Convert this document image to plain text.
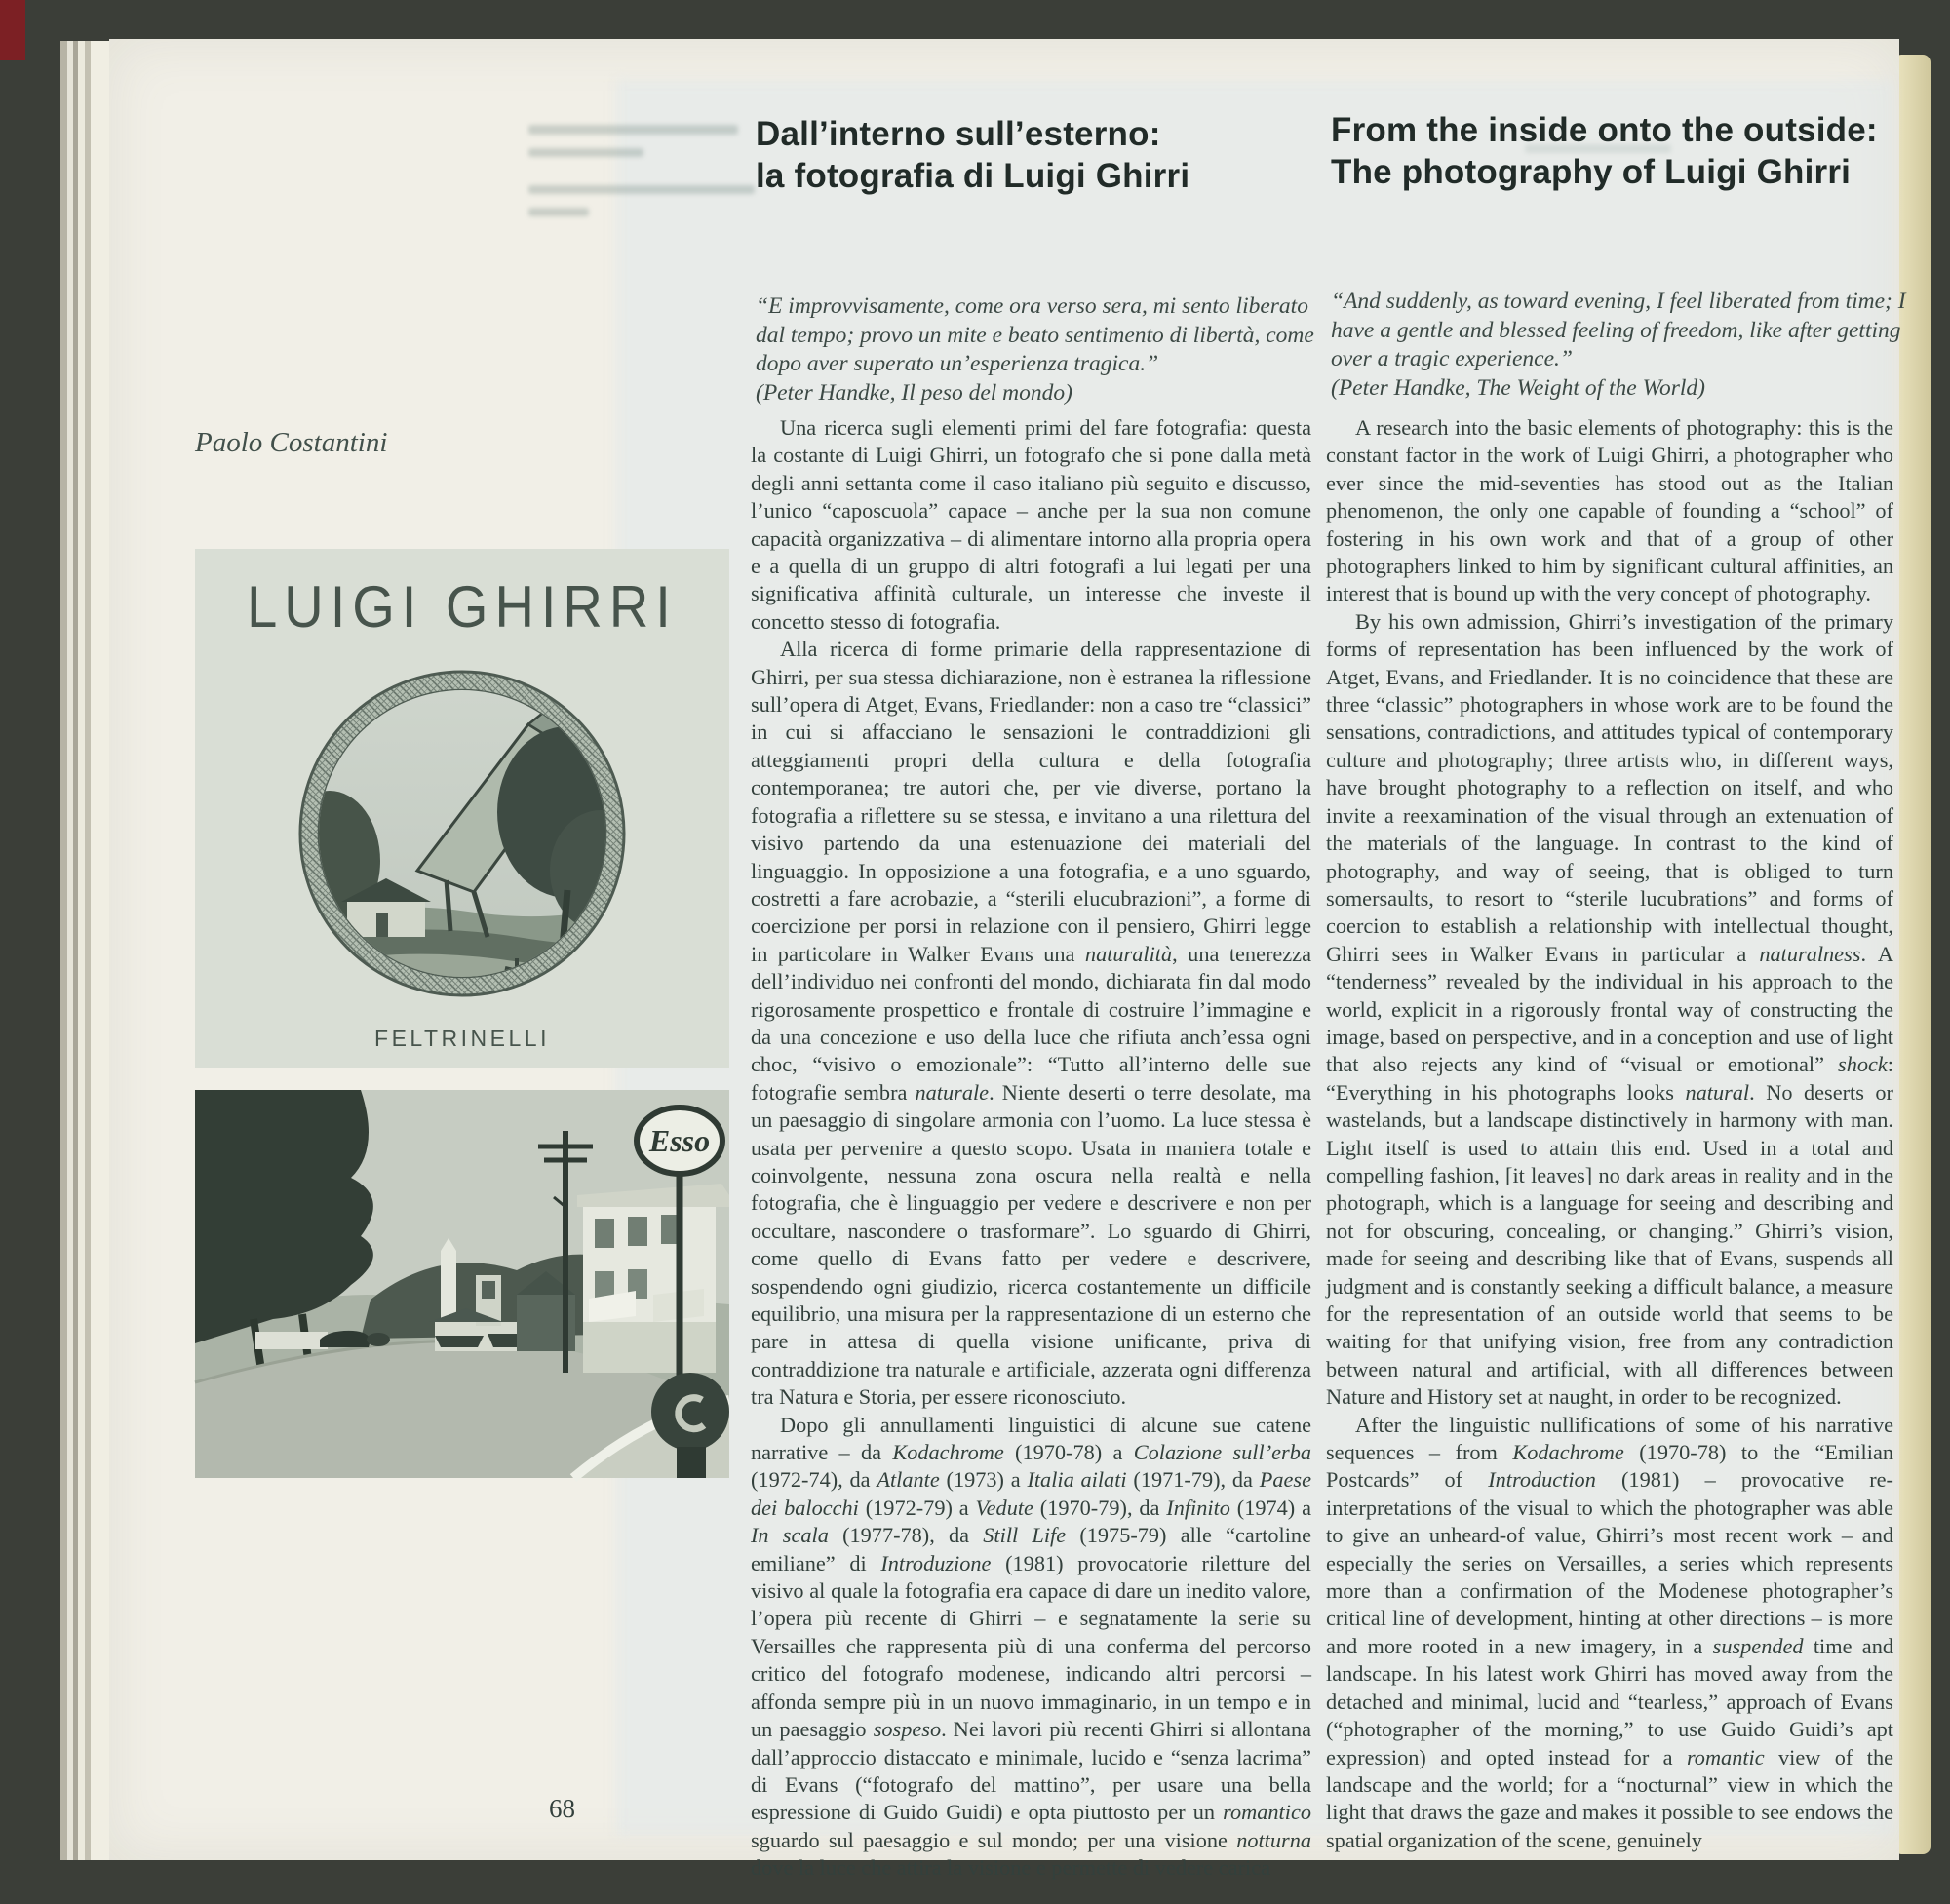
Dall’interno sull’esterno:
la fotografia di Luigi Ghirri
From the inside onto the outside:
The photography of Luigi Ghirri
“E improvvisamente, come ora verso sera, mi sento liberato dal tempo; provo un mite e beato sentimento di libertà, come dopo aver superato un’esperienza tragica.”
(Peter Handke, Il peso del mondo)
“And suddenly, as toward evening, I feel liberated from time; I have a gentle and blessed feeling of freedom, like after getting over a tragic experience.”
(Peter Handke, The Weight of the World)
Paolo Costantini
LUIGI GHIRRI
FELTRINELLI
Esso

Una ricerca sugli elementi primi del fare fotografia: questa la costante di Luigi Ghirri, un fotografo che si pone dalla metà degli anni settanta come il caso italiano più seguito e discusso, l’unico “caposcuola” capace – anche per la sua non comune capacità organizzativa – di alimentare intorno alla propria opera e a quella di un gruppo di altri fotografi a lui legati per una significativa affinità culturale, un interesse che investe il concetto stesso di fotografia.

Alla ricerca di forme primarie della rappresentazione di Ghirri, per sua stessa dichiarazione, non è estranea la riflessione sull’opera di Atget, Evans, Friedlander: non a caso tre “classici” in cui si affacciano le sensazioni le contraddizioni gli atteggiamenti propri della cultura e della fotografia contemporanea; tre autori che, per vie diverse, portano la fotografia a riflettere su se stessa, e invitano a una rilettura del visivo partendo da una estenuazione dei materiali del linguaggio. In opposizione a una fotografia, e a uno sguardo, costretti a fare acrobazie, a “sterili elucubrazioni”, a forme di coercizione per porsi in relazione con il pensiero, Ghirri legge in particolare in Walker Evans una naturalità, una tenerezza dell’individuo nei confronti del mondo, dichiarata fin dal modo rigorosamente prospettico e frontale di costruire l’immagine e da una concezione e uso della luce che rifiuta anch’essa ogni choc, “visivo o emozionale”: “Tutto all’interno delle sue fotografie sembra naturale. Niente deserti o terre desolate, ma un paesaggio di singolare armonia con l’uomo. La luce stessa è usata per pervenire a questo scopo. Usata in maniera totale e coinvolgente, nessuna zona oscura nella realtà e nella fotografia, che è linguaggio per vedere e descrivere e non per occultare, nascondere o trasformare”. Lo sguardo di Ghirri, come quello di Evans fatto per vedere e descrivere, sospendendo ogni giudizio, ricerca costantemente un difficile equilibrio, una misura per la rappresentazione di un esterno che pare in attesa di quella visione unificante, priva di contraddizione tra naturale e artificiale, azzerata ogni differenza tra Natura e Storia, per essere riconosciuto.

Dopo gli annullamenti linguistici di alcune sue catene narrative – da Kodachrome (1970-78) a Colazione sull’erba (1972-74), da Atlante (1973) a Italia ailati (1971-79), da Paese dei balocchi (1972-79) a Vedute (1970-79), da Infinito (1974) a In scala (1977-78), da Still Life (1975-79) alle “cartoline emiliane” di Introduzione (1981) provocatorie riletture del visivo al quale la fotografia era capace di dare un inedito valore, l’opera più recente di Ghirri – e segnatamente la serie su Versailles che rappresenta più di una conferma del percorso critico del fotografo modenese, indicando altri percorsi – affonda sempre più in un nuovo immaginario, in un tempo e in un paesaggio sospeso. Nei lavori più recenti Ghirri si allontana dall’approccio distaccato e minimale, lucido e “senza lacrima” di Evans (“fotografo del mattino”, per usare una bella espressione di Guido Guidi) e opta piuttosto per un romantico sguardo sul paesaggio e sul mondo; per una visione notturna dove la luce che attira la visione e permette di vedere carica

A research into the basic elements of photography: this is the constant factor in the work of Luigi Ghirri, a photographer who ever since the mid-seventies has stood out as the Italian phenomenon, the only one capable of founding a “school” of fostering in his own work and that of a group of other photographers linked to him by significant cultural affinities, an interest that is bound up with the very concept of photography.

By his own admission, Ghirri’s investigation of the primary forms of representation has been influenced by the work of Atget, Evans, and Friedlander. It is no coincidence that these are three “classic” photographers in whose work are to be found the sensations, contradictions, and attitudes typical of contemporary culture and photography; three artists who, in different ways, have brought photography to a reflection on itself, and who invite a reexamination of the visual through an extenuation of the materials of the language. In contrast to the kind of photography, and way of seeing, that is obliged to turn somersaults, to resort to “sterile lucubrations” and forms of coercion to establish a relationship with intellectual thought, Ghirri sees in Walker Evans in particular a naturalness. A “tenderness” revealed by the individual in his approach to the world, explicit in a rigorously frontal way of constructing the image, based on perspective, and in a conception and use of light that also rejects any kind of “visual or emotional” shock: “Everything in his photographs looks natural. No deserts or wastelands, but a landscape distinctively in harmony with man. Light itself is used to attain this end. Used in a total and compelling fashion, [it leaves] no dark areas in reality and in the photograph, which is a language for seeing and describing and not for obscuring, concealing, or changing.” Ghirri’s vision, made for seeing and describing like that of Evans, suspends all judgment and is constantly seeking a difficult balance, a measure for the representation of an outside world that seems to be waiting for that unifying vision, free from any contradiction between natural and artificial, with all differences between Nature and History set at naught, in order to be recognized.

After the linguistic nullifications of some of his narrative sequences – from Kodachrome (1970-78) to the “Emilian Postcards” of Introduction (1981) – provocative re-interpretations of the visual to which the photographer was able to give an unheard-of value, Ghirri’s most recent work – and especially the series on Versailles, a series which represents more than a confirmation of the Modenese photographer’s critical line of development, hinting at other directions – is more and more rooted in a new imagery, in a suspended time and landscape. In his latest work Ghirri has moved away from the detached and minimal, lucid and “tearless,” approach of Evans (“photographer of the morning,” to use Guido Guidi’s apt expression) and opted instead for a romantic view of the landscape and the world; for a “nocturnal” view in which the light that draws the gaze and makes it possible to see endows the spatial organization of the scene, genuinely

68
